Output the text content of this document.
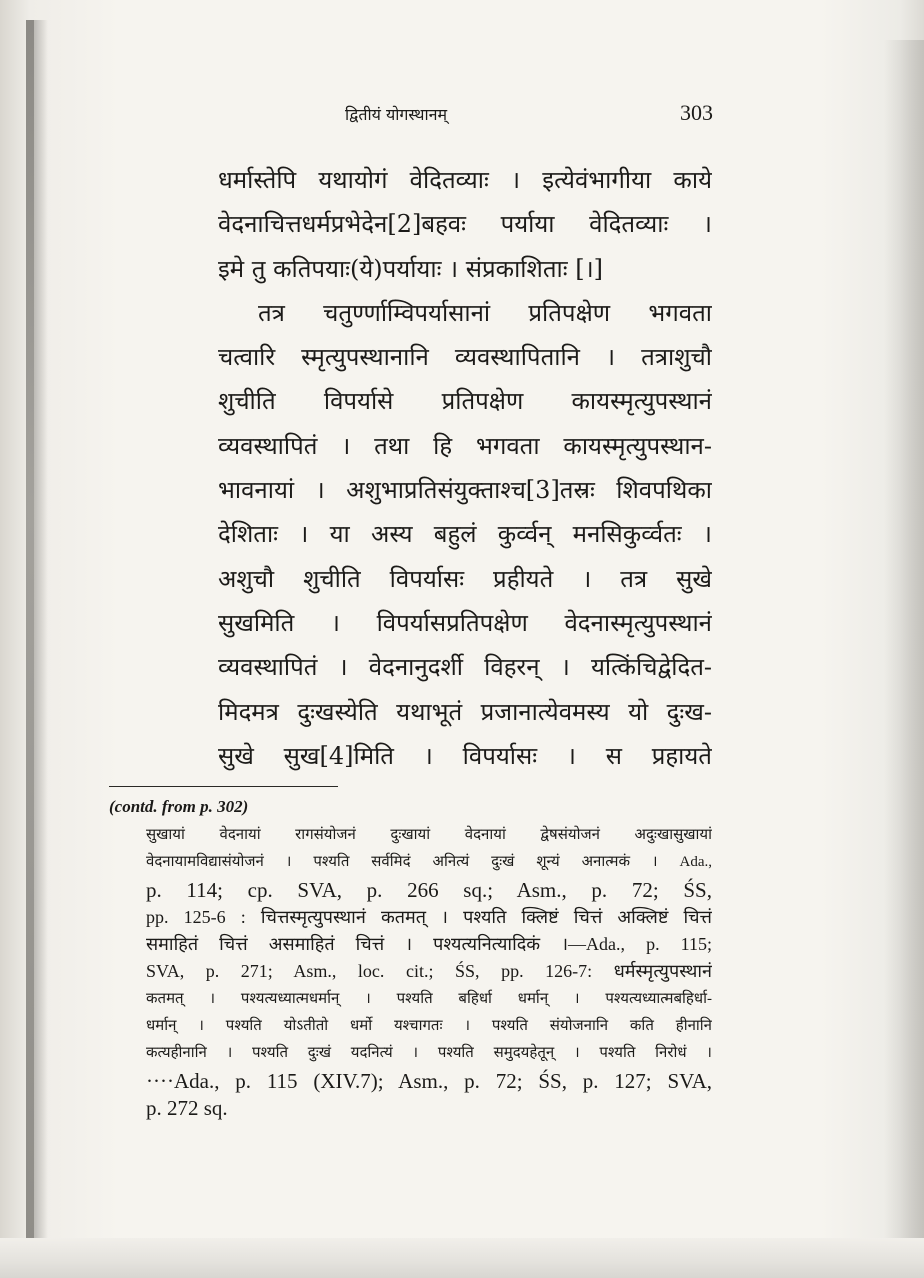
द्वितीयं योगस्थानम्	303
धर्मास्तेपि यथायोगं वेदितव्याः । इत्येवंभागीया काये
वेदनाचित्तधर्मप्रभेदेन[2]बहवः पर्याया वेदितव्याः ।
इमे तु कतिपयाः(ये)पर्यायाः । संप्रकाशिताः [।]
तत्र चतुर्ण्णाम्विपर्यासानां प्रतिपक्षेण भगवता
चत्वारि स्मृत्युपस्थानानि व्यवस्थापितानि । तत्राशुचौ
शुचीति विपर्यासे प्रतिपक्षेण कायस्मृत्युपस्थानं
व्यवस्थापितं । तथा हि भगवता कायस्मृत्युपस्थान-
भावनायां । अशुभाप्रतिसंयुक्ताश्च[3]तस्रः शिवपथिका
देशिताः । या अस्य बहुलं कुर्व्वन् मनसिकुर्व्वतः ।
अशुचौ शुचीति विपर्यासः प्रहीयते । तत्र सुखे
सुखमिति । विपर्यासप्रतिपक्षेण वेदनास्मृत्युपस्थानं
व्यवस्थापितं । वेदनानुदर्शी विहरन् । यत्किंचिद्वेदित-
मिदमत्र दुःखस्येति यथाभूतं प्रजानात्येवमस्य यो दुःख-
सुखे सुख[4]मिति । विपर्यासः । स प्रहायते
(contd. from p. 302)
सुखायां वेदनायां रागसंयोजनं दुःखायां वेदनायां द्वेषसंयोजनं अदुःखासुखायां
वेदनायामविद्यासंयोजनं । पश्यति सर्वमिदं अनित्यं दुःखं शून्यं अनात्मकं । Ada.,
p. 114; cp. SVA, p. 266 sq.; Asm., p. 72; ŚS,
pp. 125-6 : चित्तस्मृत्युपस्थानं कतमत् । पश्यति क्लिष्टं चित्तं अक्लिष्टं चित्तं
समाहितं चित्तं असमाहितं चित्तं । पश्यत्यनित्यादिकं ।—Ada., p. 115;
SVA, p. 271; Asm., loc. cit.; ŚS, pp. 126-7: धर्मस्मृत्युपस्थानं
कतमत् । पश्यत्यध्यात्मधर्मान् । पश्यति बहिर्धा धर्मान् । पश्यत्यध्यात्मबहिर्धा-
धर्मान् । पश्यति योऽतीतो धर्मो यश्चागतः । पश्यति संयोजनानि कति हीनानि
कत्यहीनानि । पश्यति दुःखं यदनित्यं । पश्यति समुदयहेतून् । पश्यति निरोधं ।
····Ada., p. 115 (XIV.7); Asm., p. 72; ŚS, p. 127; SVA,
p. 272 sq.
